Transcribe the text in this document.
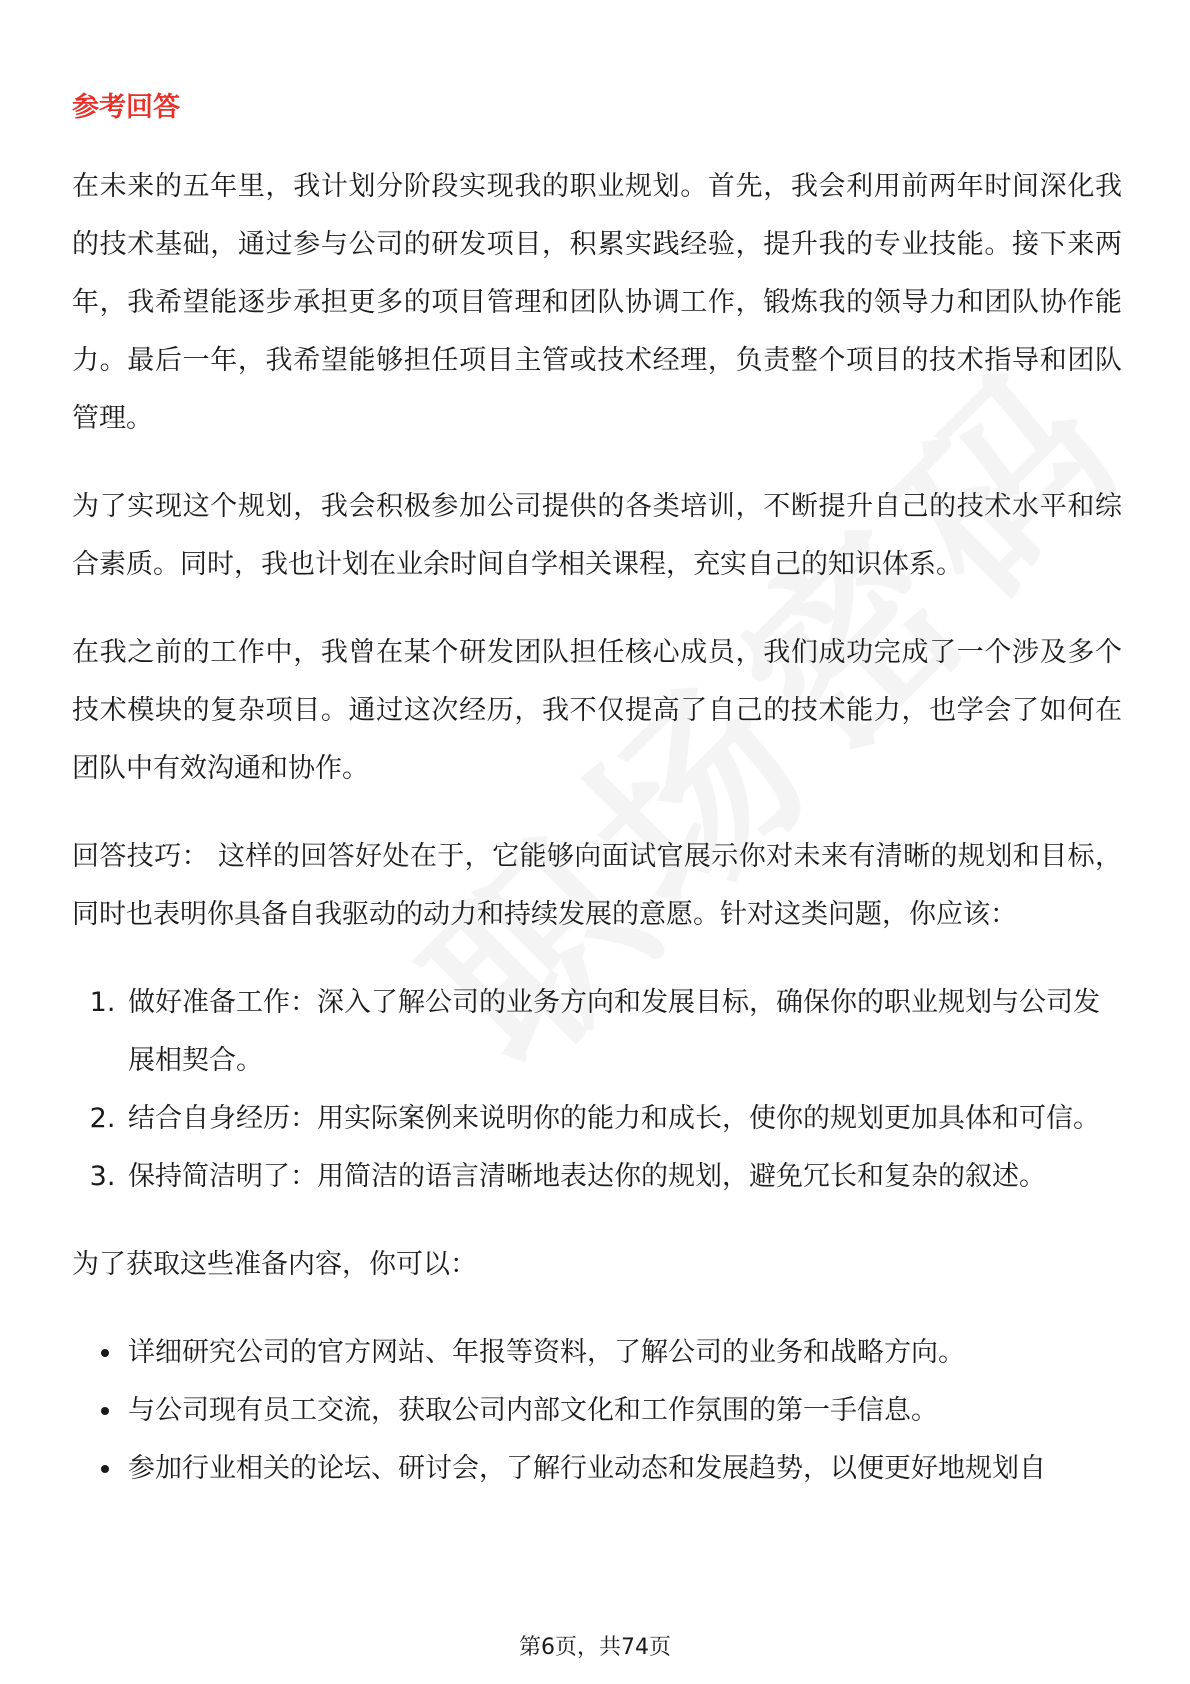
参考回答

在未来的五年里，我计划分阶段实现我的职业规划。首先，我会利用前两年时间深化我的技术基础，通过参与公司的研发项目，积累实践经验，提升我的专业技能。接下来两年，我希望能逐步承担更多的项目管理和团队协调工作，锻炼我的领导力和团队协作能力。最后一年，我希望能够担任项目主管或技术经理，负责整个项目的技术指导和团队管理。

为了实现这个规划，我会积极参加公司提供的各类培训，不断提升自己的技术水平和综合素质。同时，我也计划在业余时间自学相关课程，充实自己的知识体系。

在我之前的工作中，我曾在某个研发团队担任核心成员，我们成功完成了一个涉及多个技术模块的复杂项目。通过这次经历，我不仅提高了自己的技术能力，也学会了如何在团队中有效沟通和协作。

回答技巧： 这样的回答好处在于，它能够向面试官展示你对未来有清晰的规划和目标，同时也表明你具备自我驱动的动力和持续发展的意愿。针对这类问题，你应该：

1. 做好准备工作：深入了解公司的业务方向和发展目标，确保你的职业规划与公司发展相契合。
2. 结合自身经历：用实际案例来说明你的能力和成长，使你的规划更加具体和可信。
3. 保持简洁明了：用简洁的语言清晰地表达你的规划，避免冗长和复杂的叙述。

为了获取这些准备内容，你可以：

• 详细研究公司的官方网站、年报等资料，了解公司的业务和战略方向。
• 与公司现有员工交流，获取公司内部文化和工作氛围的第一手信息。
• 参加行业相关的论坛、研讨会，了解行业动态和发展趋势，以便更好地规划自
第6页，共74页
